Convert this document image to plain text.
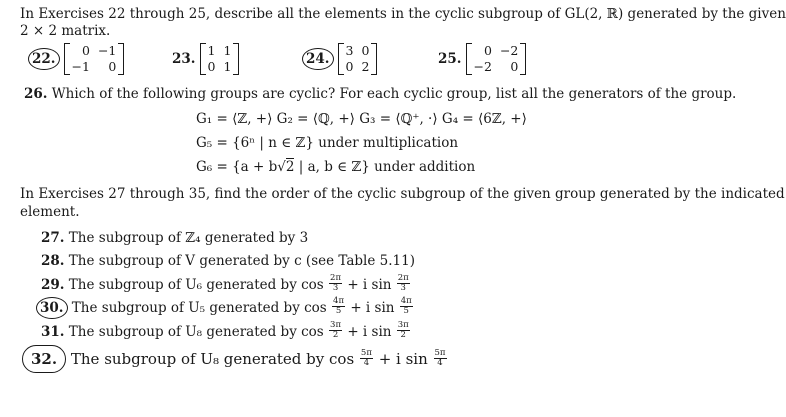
In Exercises 22 through 25, describe all the elements in the cyclic subgroup of GL(2, ℝ) generated by the given
2 × 2 matrix.
22.
0 −1
−1	0	23.
1 1
0 1	24.
3 0
0 2	25.
0 −2
−2	0
26. Which of the following groups are cyclic? For each cyclic group, list all the generators of the group.
G₁ = ⟨ℤ, +⟩ G₂ = ⟨ℚ, +⟩ G₃ = ⟨ℚ⁺, ·⟩ G₄ = ⟨6ℤ, +⟩
G₅ = {6ⁿ | n ∈ ℤ} under multiplication
G₆ = {a + b√2 | a, b ∈ ℤ} under addition
In Exercises 27 through 35, find the order of the cyclic subgroup of the given group generated by the indicated
element.
27. The subgroup of ℤ₄ generated by 3
28. The subgroup of V generated by c (see Table 5.11)
29. The subgroup of U₆ generated by $\cos \frac{2\pi}{3} + i$ $\sin \frac{2\pi}{3}$
30. The subgroup of U₅ generated by $\cos \frac{4\pi}{5} + i$ $\sin \frac{4\pi}{5}$
31. The subgroup of U₈ generated by $\cos \frac{3\pi}{2} + i$ $\sin \frac{3\pi}{2}$
32. The subgroup of U₈ generated by $\cos \frac{5\pi}{4} + i$ $\sin \frac{5\pi}{4}$
